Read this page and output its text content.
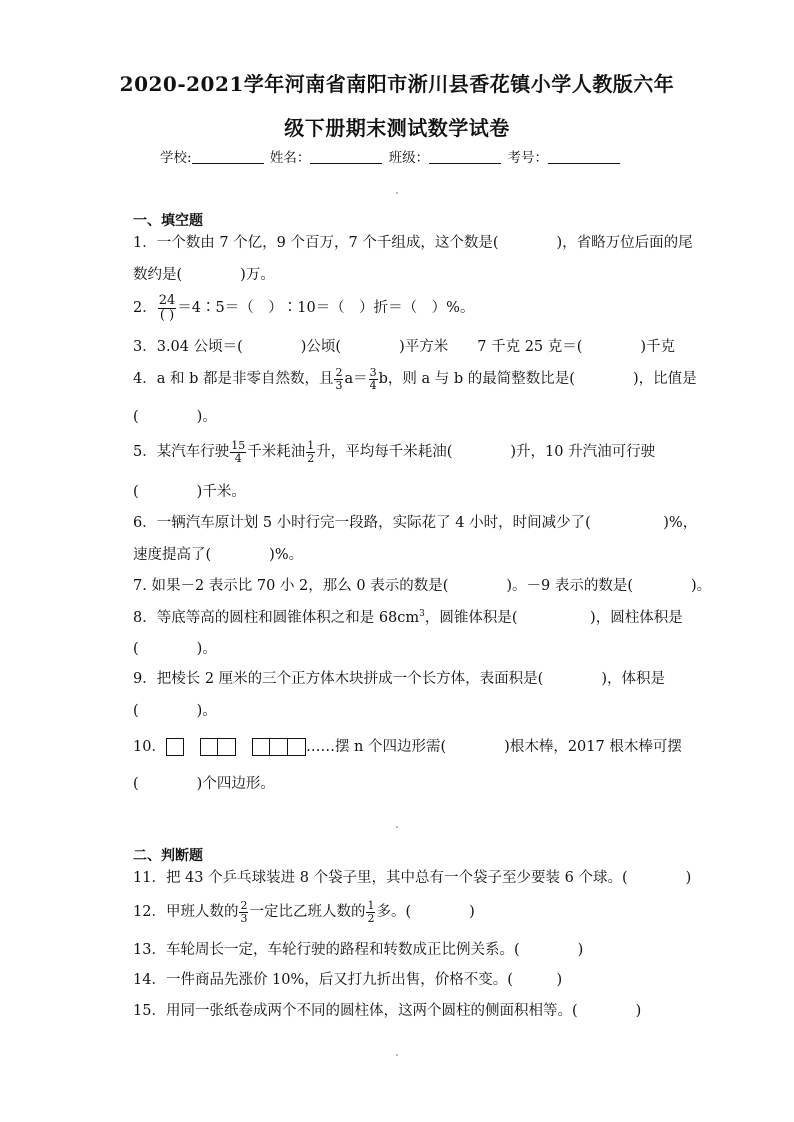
2020-2021学年河南省南阳市淅川县香花镇小学人教版六年
级下册期末测试数学试卷
学校:	姓名：	班级：	考号：
一、填空题
1．一个数由 7 个亿，9 个百万，7 个千组成，这个数是(　　　　)，省略万位后面的尾
数约是(　　　　)万。
2． $\frac{24}{( )}$ ＝4∶5＝（　）∶10＝（　）折＝（　）%。
3．3.04 公顷＝(　　　　)公顷(　　　　)平方米　　7 千克 25 克＝(　　　　)千克
4．a 和 b 都是非零自然数，且 $\frac{2}{3} a= \frac{3}{4}$ b，则 a 与 b 的最简整数比是(　　　　)，比值是
(　　　　)。
5．某汽车行驶 $\frac{15}{4}$ 千米耗油 $\frac{1}{2}$ 升，平均每千米耗油(　　　　)升，10 升汽油可行驶
(　　　　)千米。
6．一辆汽车原计划 5 小时行完一段路，实际花了 4 小时，时间减少了(　　　　　)%，
速度提高了(　　　　)%。
7. 如果－2 表示比 70 小 2，那么 0 表示的数是(　　　　)。－9 表示的数是(　　　　)。
8．等底等高的圆柱和圆锥体积之和是 $68cm^3$，圆锥体积是(　　　　　)，圆柱体积是
(　　　　)。
9．把棱长 2 厘米的三个正方体木块拼成一个长方体，表面积是(　　　　)，体积是
(　　　　)。
10．	……摆 n 个四边形需(　　　　)根木棒，2017 根木棒可摆
(　　　　)个四边形。
二、判断题
11．把 43 个乒乓球装进 8 个袋子里，其中总有一个袋子至少要装 6 个球。(　　　　)
12．甲班人数的 $\frac{2}{3}$ 一定比乙班人数的 $\frac{1}{2}$ 多。(　　　　)
13．车轮周长一定，车轮行驶的路程和转数成正比例关系。(　　　　)
14．一件商品先涨价 10%，后又打九折出售，价格不变。(　　　)
15．用同一张纸卷成两个不同的圆柱体，这两个圆柱的侧面积相等。(　　　　)
